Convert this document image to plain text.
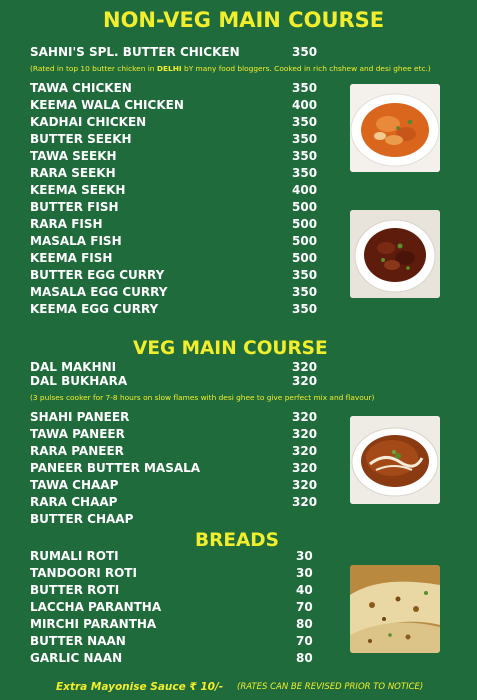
NON-VEG MAIN COURSE
SAHNI'S SPL. BUTTER CHICKEN	350
(Rated in top 10 butter chicken in DELHI bY many food bloggers. Cooked in rich chshew and desi ghee etc.)
TAWA CHICKEN	350
KEEMA WALA CHICKEN	400
KADHAI CHICKEN	350
BUTTER SEEKH	350
TAWA SEEKH	350
RARA SEEKH	350
KEEMA SEEKH	400
BUTTER FISH	500
RARA FISH	500
MASALA FISH	500
KEEMA FISH	500
BUTTER EGG CURRY	350
MASALA EGG CURRY	350
KEEMA EGG CURRY	350
VEG MAIN COURSE
DAL MAKHNI	320
DAL BUKHARA	320
(3 pulses cooker for 7-8 hours on slow flames with desi ghee to give perfect mix and flavour)
SHAHI PANEER	320
TAWA PANEER	320
RARA PANEER	320
PANEER BUTTER MASALA	320
TAWA CHAAP	320
RARA CHAAP	320
BUTTER CHAAP
BREADS
RUMALI ROTI	30
TANDOORI ROTI	30
BUTTER ROTI	40
LACCHA PARANTHA	70
MIRCHI PARANTHA	80
BUTTER NAAN	70
GARLIC NAAN	80
Extra Mayonise Sauce ₹ 10/- (RATES CAN BE REVISED PRIOR TO NOTICE)
